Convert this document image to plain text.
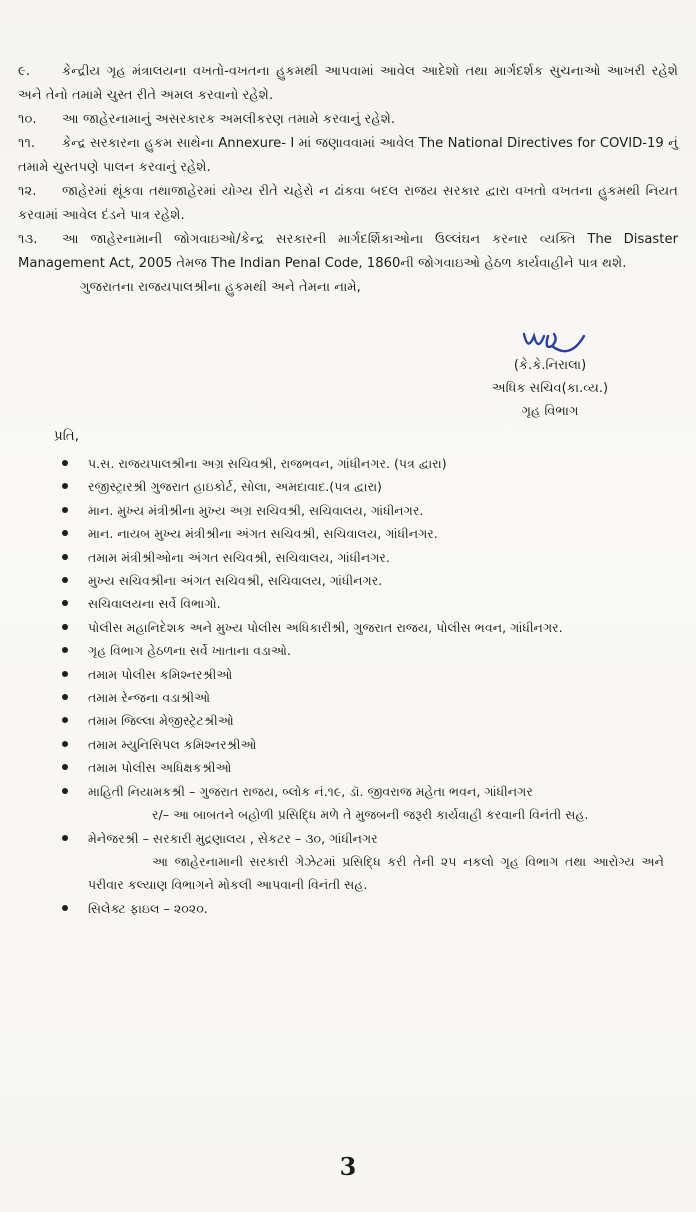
૯. કેન્દ્રીય ગૃહ મંત્રાલયના વખતો-વખતના હુકમથી આપવામાં આવેલ આદેશો તથા માર્ગદર્શક સુચનાઓ આખરી રહેશે અને તેનો તમામે ચુસ્ત રીતે અમલ કરવાનો રહેશે.

૧૦. આ જાહેરનામાનું અસરકારક અમલીકરણ તમામે કરવાનું રહેશે.

૧૧. કેન્દ્ર સરકારના હુકમ સાથેના Annexure- I માં જણાવવામાં આવેલ The National Directives for COVID-19 નું તમામે ચુસ્તપણે પાલન કરવાનું રહેશે.

૧૨. જાહેરમાં થૂંકવા તથાજાહેરમાં યોગ્ય રીતે ચહેરો ન ઢાંકવા બદલ રાજય સરકાર દ્વારા વખતો વખતના હુકમથી નિયત કરવામાં આવેલ દંડને પાત્ર રહેશે.

૧૩. આ જાહેરનામાની જોગવાઇઓ/કેન્દ્ર સરકારની માર્ગદર્શિકાઓના ઉલ્લંઘન કરનાર વ્યક્તિ The Disaster Management Act, 2005 તેમજ The Indian Penal Code, 1860ની જોગવાઇઓ હેઠળ કાર્યવાહીને પાત્ર થશે.

ગુજરાતના રાજયપાલશ્રીના હુકમથી અને તેમના નામે,

(કે.કે.નિરાલા)
અધિક સચિવ(કા.વ્ય.)
ગૃહ વિભાગ
પ્રતિ,
પ.સ. રાજયપાલશ્રીના અગ્ર સચિવશ્રી, રાજભવન, ગાંધીનગર. (પત્ર દ્વારા)
રજીસ્ટ્રારશ્રી ગુજરાત હાઇકોર્ટ, સોલા, અમદાવાદ.(પત્ર દ્વારા)
માન. મુખ્ય મંત્રીશ્રીના મુખ્ય અગ્ર સચિવશ્રી, સચિવાલય, ગાંધીનગર.
માન. નાયબ મુખ્ય મંત્રીશ્રીના અંગત સચિવશ્રી, સચિવાલય, ગાંધીનગર.
તમામ મંત્રીશ્રીઓના અંગત સચિવશ્રી, સચિવાલય, ગાંધીનગર.
મુખ્ય સચિવશ્રીના અંગત સચિવશ્રી, સચિવાલય, ગાંધીનગર.
સચિવાલયના સર્વે વિભાગો.
પોલીસ મહાનિદેશક અને મુખ્ય પોલીસ અધિકારીશ્રી, ગુજરાત રાજય, પોલીસ ભવન, ગાંધીનગર.
ગૃહ વિભાગ હેઠળના સર્વે ખાતાના વડાઓ.
તમામ પોલીસ કમિશ્નરશ્રીઓ
તમામ રેન્જના વડાશ્રીઓ
તમામ જિલ્લા મેજીસ્ટ્રેટશ્રીઓ
તમામ મ્યુનિસિપલ કમિશ્નરશ્રીઓ
તમામ પોલીસ અધિક્ષકશ્રીઓ
માહિતી નિયામકશ્રી – ગુજરાત રાજય, બ્લોક નં.૧૯, ડૉ. જીવરાજ મહેતા ભવન, ગાંધીનગર
ર/– આ બાબતને બહોળી પ્રસિદ્ધિ મળે તે મુજબની જરૂરી કાર્યવાહી કરવાની વિનંતી સહ.
મેનેજરશ્રી – સરકારી મુદ્રણાલય , સેકટર – ૩૦, ગાંધીનગર
આ જાહેરનામાની સરકારી ગેઝેટમાં પ્રસિદ્ધિ કરી તેની ૨૫ નકલો ગૃહ વિભાગ તથા આરોગ્ય અને પરીવાર કલ્યાણ વિભાગને મોકલી આપવાની વિનંતી સહ.
સિલેક્ટ ફાઇલ – ૨૦૨૦.
3
